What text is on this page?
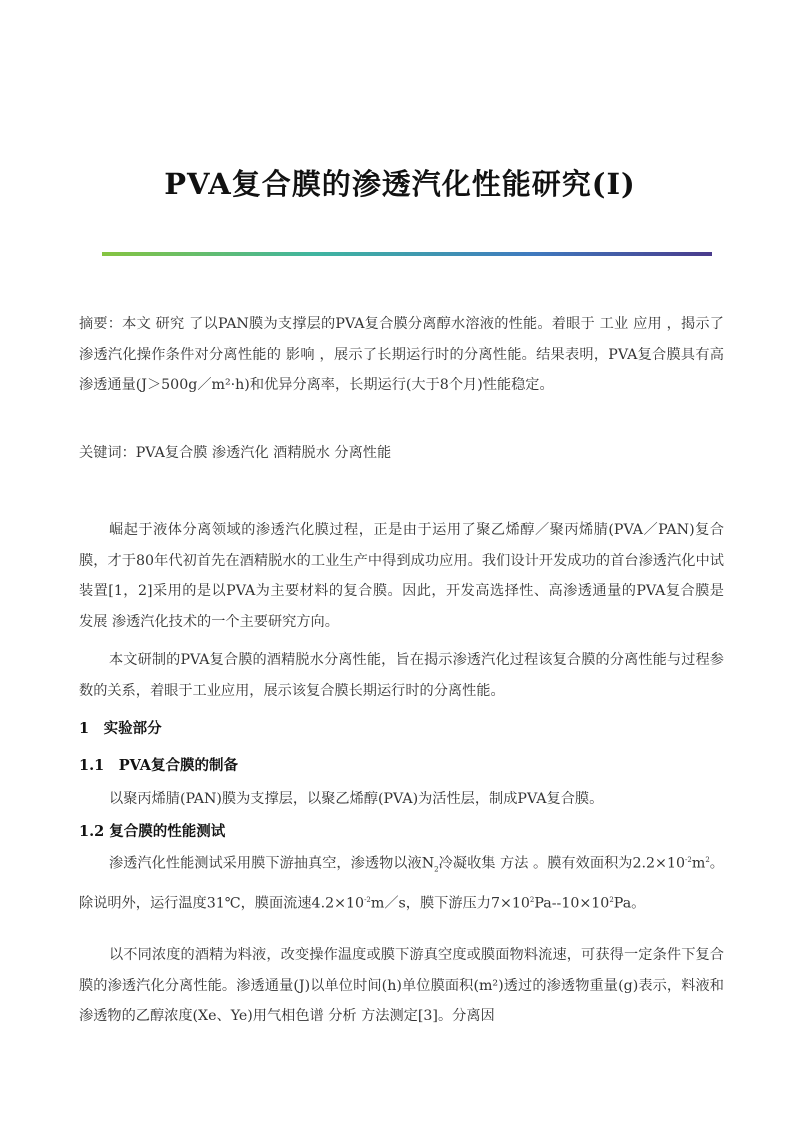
PVA复合膜的渗透汽化性能研究(I)

摘要：本文 研究 了以PAN膜为支撑层的PVA复合膜分离醇水溶液的性能。着眼于 工业 应用 ，揭示了渗透汽化操作条件对分离性能的 影响 ，展示了长期运行时的分离性能。结果表明，PVA复合膜具有高渗透通量(J＞500g／m²·h)和优异分离率，长期运行(大于8个月)性能稳定。

关键词：PVA复合膜 渗透汽化 酒精脱水 分离性能

崛起于液体分离领域的渗透汽化膜过程，正是由于运用了聚乙烯醇／聚丙烯腈(PVA／PAN)复合膜，才于80年代初首先在酒精脱水的工业生产中得到成功应用。我们设计开发成功的首台渗透汽化中试装置[1，2]采用的是以PVA为主要材料的复合膜。因此，开发高选择性、高渗透通量的PVA复合膜是 发展 渗透汽化技术的一个主要研究方向。

本文研制的PVA复合膜的酒精脱水分离性能，旨在揭示渗透汽化过程该复合膜的分离性能与过程参数的关系，着眼于工业应用，展示该复合膜长期运行时的分离性能。

1　实验部分
1.1　PVA复合膜的制备

以聚丙烯腈(PAN)膜为支撑层，以聚乙烯醇(PVA)为活性层，制成PVA复合膜。

1.2 复合膜的性能测试

渗透汽化性能测试采用膜下游抽真空，渗透物以液$N_2$冷凝收集 方法 。膜有效面积为$2.2\times 10^{-2}m^2$。除说明外，运行温度31℃，膜面流速$4.2\times 10^{-2}m/s$，膜下游压力$7\times 10^2Pa--10\times 10^2Pa$。

以不同浓度的酒精为料液，改变操作温度或膜下游真空度或膜面物料流速，可获得一定条件下复合膜的渗透汽化分离性能。渗透通量(J)以单位时间(h)单位膜面积(m²)透过的渗透物重量(g)表示，料液和渗透物的乙醇浓度(Xe、Ye)用气相色谱 分析 方法测定[3]。分离因
